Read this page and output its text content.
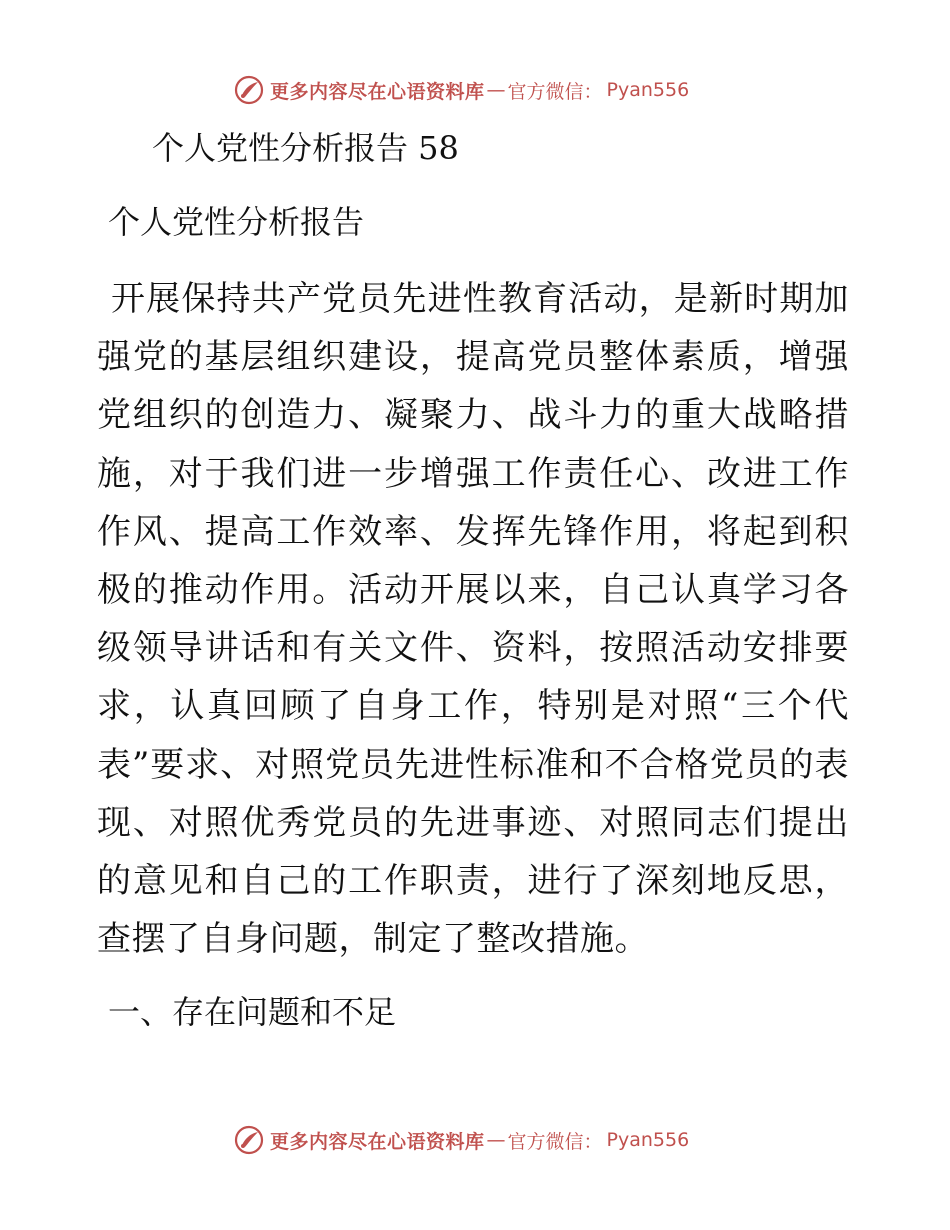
更多内容尽在心语资料库 — 官方微信： Pyan556
个人党性分析报告 58
个人党性分析报告

开展保持共产党员先进性教育活动，是新时期加强党的基层组织建设，提高党员整体素质，增强党组织的创造力、凝聚力、战斗力的重大战略措施，对于我们进一步增强工作责任心、改进工作作风、提高工作效率、发挥先锋作用，将起到积极的推动作用。活动开展以来，自己认真学习各级领导讲话和有关文件、资料，按照活动安排要求，认真回顾了自身工作，特别是对照“三个代表”要求、对照党员先进性标准和不合格党员的表现、对照优秀党员的先进事迹、对照同志们提出的意见和自己的工作职责，进行了深刻地反思，查摆了自身问题，制定了整改措施。

一、存在问题和不足
更多内容尽在心语资料库 — 官方微信： Pyan556
